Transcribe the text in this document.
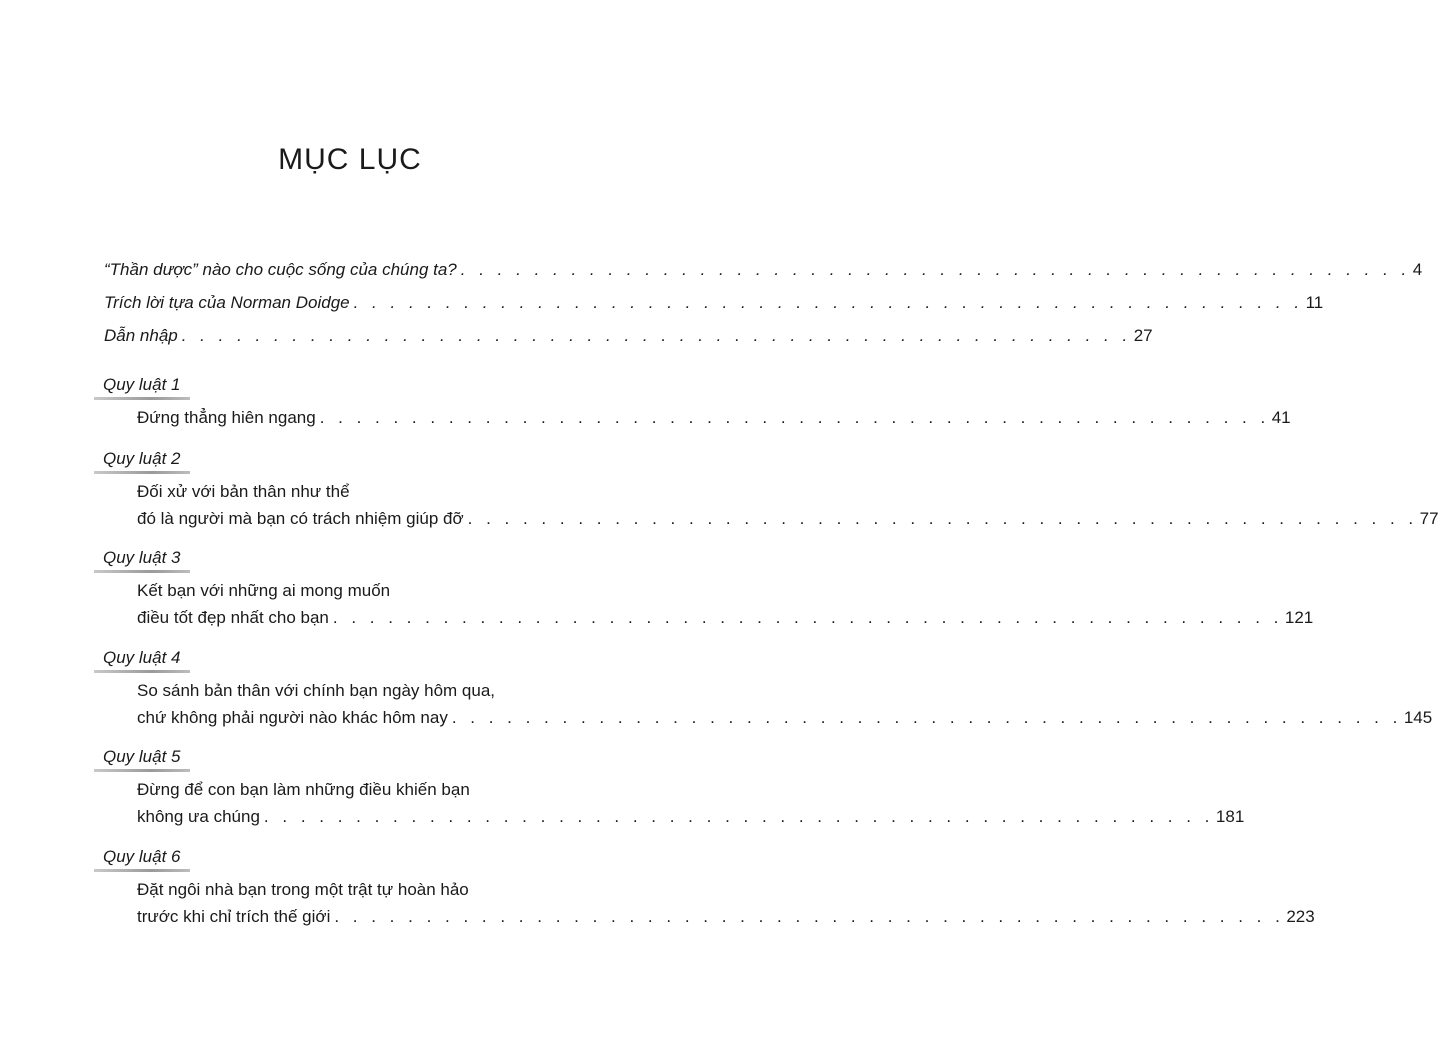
MỤC LỤC
“Thần dược” nào cho cuộc sống của chúng ta? . . . . . . . . . . . . . . . . . . . . . . . . . . . . . . . . . . . . . . . . . . . . . . . . . . . . 4
Trích lời tựa của Norman Doidge . . . . . . . . . . . . . . . . . . . . . . . . . . . . . . . . . . . . . . . . . . . . . . . . . . . . 11
Dẫn nhập . . . . . . . . . . . . . . . . . . . . . . . . . . . . . . . . . . . . . . . . . . . . . . . . . . . . 27
Quy luật 1
Đứng thẳng hiên ngang . . . . . . . . . . . . . . . . . . . . . . . . . . . . . . . . . . . . . . . . . . . . . . . . . . . . 41
Quy luật 2
Đối xử với bản thân như thể
đó là người mà bạn có trách nhiệm giúp đỡ . . . . . . . . . . . . . . . . . . . . . . . . . . . . . . . . . . . . . . . . . . . . . . . . . . . . 77
Quy luật 3
Kết bạn với những ai mong muốn
điều tốt đẹp nhất cho bạn . . . . . . . . . . . . . . . . . . . . . . . . . . . . . . . . . . . . . . . . . . . . . . . . . . . . 121
Quy luật 4
So sánh bản thân với chính bạn ngày hôm qua,
chứ không phải người nào khác hôm nay . . . . . . . . . . . . . . . . . . . . . . . . . . . . . . . . . . . . . . . . . . . . . . . . . . . . 145
Quy luật 5
Đừng để con bạn làm những điều khiến bạn
không ưa chúng . . . . . . . . . . . . . . . . . . . . . . . . . . . . . . . . . . . . . . . . . . . . . . . . . . . . 181
Quy luật 6
Đặt ngôi nhà bạn trong một trật tự hoàn hảo
trước khi chỉ trích thế giới . . . . . . . . . . . . . . . . . . . . . . . . . . . . . . . . . . . . . . . . . . . . . . . . . . . . 223
